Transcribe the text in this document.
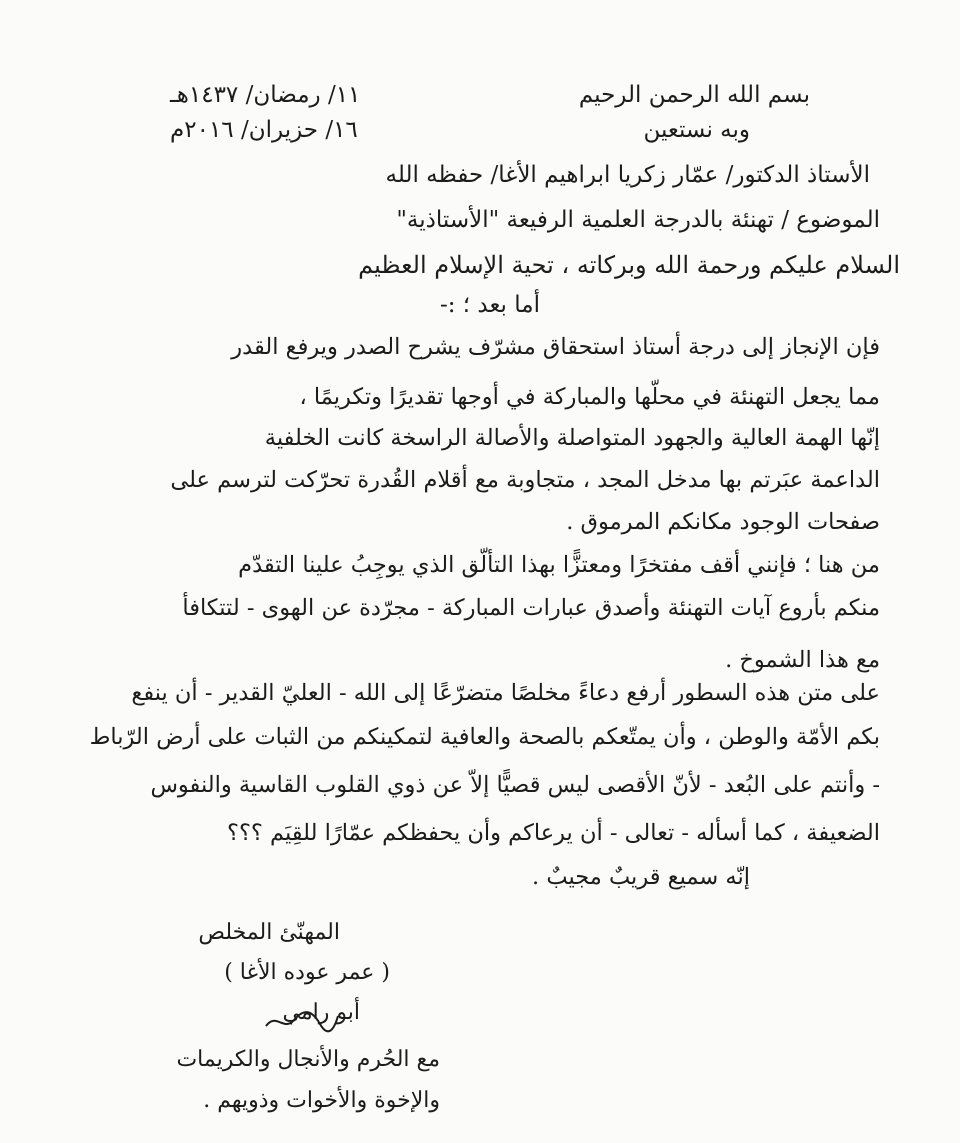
بسم الله الرحمن الرحيم
١١/ رمضان/ ١٤٣٧هـ
وبه نستعين
١٦/ حزيران/ ٢٠١٦م
الأستاذ الدكتور/ عمّار زكريا ابراهيم الأغا/ حفظه الله
الموضوع / تهنئة بالدرجة العلمية الرفيعة "الأستاذية"
السلام عليكم ورحمة الله وبركاته ، تحية الإسلام العظيم
أما بعد ؛ :-
فإن الإنجاز إلى درجة أستاذ استحقاق مشرّف يشرح الصدر ويرفع القدر
مما يجعل التهنئة في محلّها والمباركة في أوجها تقديرًا وتكريمًا ،
إنّها الهمة العالية والجهود المتواصلة والأصالة الراسخة كانت الخلفية
الداعمة عبَرتم بها مدخل المجد ، متجاوبة مع أقلام القُدرة تحرّكت لترسم على
صفحات الوجود مكانكم المرموق .
من هنا ؛ فإنني أقف مفتخرًا ومعتزًّا بهذا التألّق الذي يوجِبُ علينا التقدّم
منكم بأروع آيات التهنئة وأصدق عبارات المباركة - مجرّدة عن الهوى - لتتكافأ
مع هذا الشموخ .
على متن هذه السطور أرفع دعاءً مخلصًا متضرّعًا إلى الله - العليّ القدير - أن ينفع
بكم الأمّة والوطن ، وأن يمتّعكم بالصحة والعافية لتمكينكم من الثبات على أرض الرّباط
- وأنتم على البُعد - لأنّ الأقصى ليس قصيًّا إلاّ عن ذوي القلوب القاسية والنفوس
الضعيفة ، كما أسأله - تعالى - أن يرعاكم وأن يحفظكم عمّارًا للقِيَم ؟؟؟
إنّه سميع قريبٌ مجيبٌ .
المهنّئ المخلص
( عمر عوده الأغا )
أبو رامي
مع الحُرم والأنجال والكريمات
والإخوة والأخوات وذويهم .
